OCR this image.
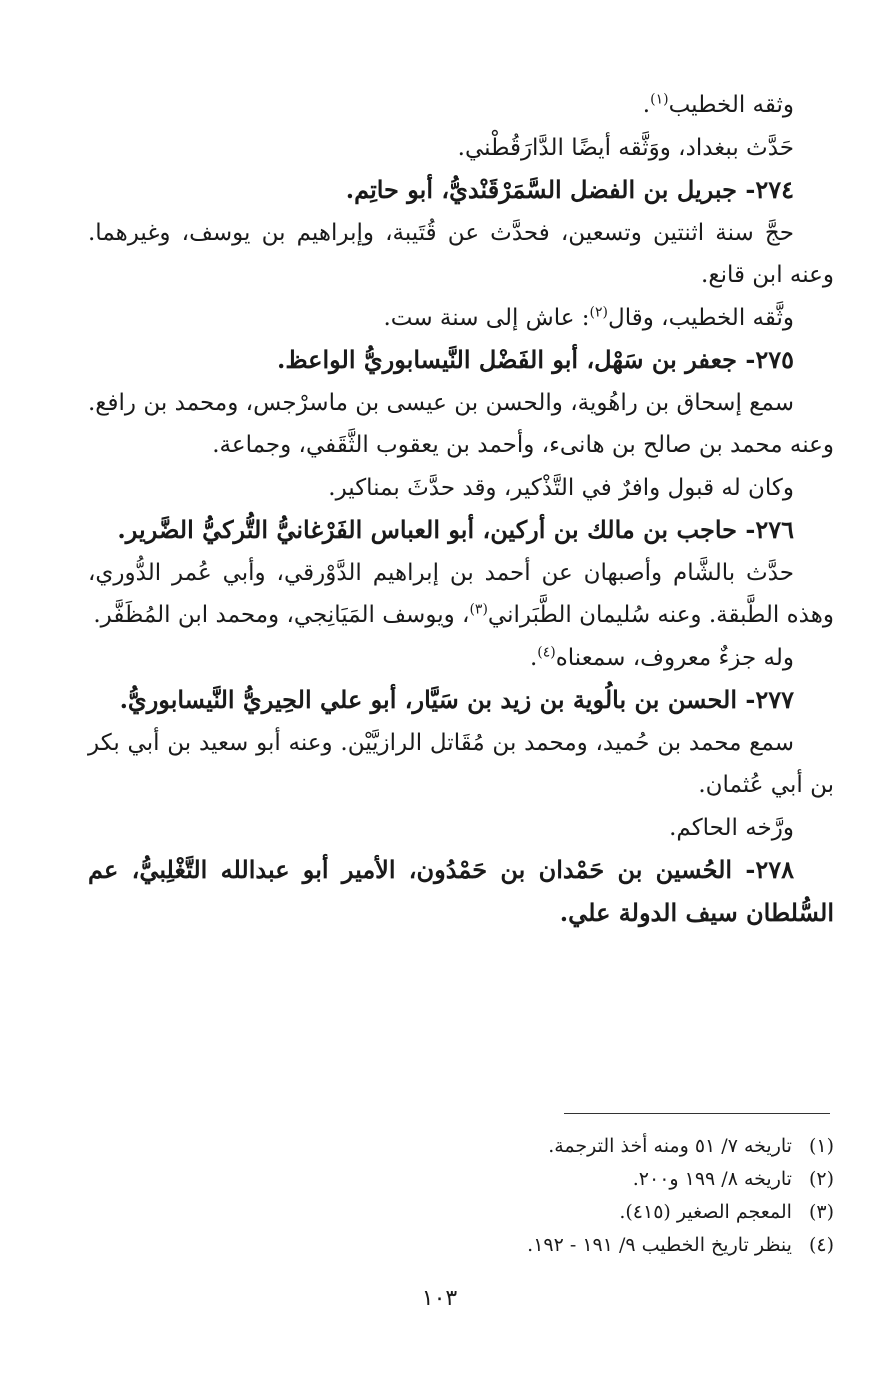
وثقه الخطيب$^{(١)}$.

حَدَّث ببغداد، ووَثَّقه أيضًا الدَّارَقُطْني.

٢٧٤- جبريل بن الفضل السَّمَرْقَنْديُّ، أبو حاتِم.

حجَّ سنة اثنتين وتسعين، فحدَّث عن قُتَيبة، وإبراهيم بن يوسف، وغيرهما. وعنه ابن قانع.

وثَّقه الخطيب، وقال$^{(٢)}$: عاش إلى سنة ست.

٢٧٥- جعفر بن سَهْل، أبو الفَضْل النَّيسابوريُّ الواعظ.

سمع إسحاق بن راهُوية، والحسن بن عيسى بن ماسرْجس، ومحمد بن رافع. وعنه محمد بن صالح بن هانىء، وأحمد بن يعقوب الثَّقَفي، وجماعة.

وكان له قبول وافرٌ في التَّذْكير، وقد حدَّثَ بمناكير.

٢٧٦- حاجب بن مالك بن أركين، أبو العباس الفَرْغانيُّ التُّركيُّ الضَّرير.

حدَّث بالشَّام وأصبهان عن أحمد بن إبراهيم الدَّوْرقي، وأبي عُمر الدُّوري، وهذه الطَّبقة. وعنه سُليمان الطَّبَراني$^{(٣)}$، ويوسف المَيَانِجي، ومحمد ابن المُظَفَّر.

وله جزءٌ معروف، سمعناه$^{(٤)}$.

٢٧٧- الحسن بن بالُوية بن زيد بن سَيَّار، أبو علي الحِيريُّ النَّيسابوريُّ.

سمع محمد بن حُميد، ومحمد بن مُقَاتل الرازيَّيْن. وعنه أبو سعيد بن أبي بكر بن أبي عُثمان.

ورَّخه الحاكم.

٢٧٨- الحُسين بن حَمْدان بن حَمْدُون، الأمير أبو عبدالله التَّغْلِبيُّ، عم السُّلطان سيف الدولة علي.

(١) تاريخه ٧/ ٥١ ومنه أخذ الترجمة.

(٢) تاريخه ٨/ ١٩٩ و٢٠٠.

(٣) المعجم الصغير (٤١٥).

(٤) ينظر تاريخ الخطيب ٩/ ١٩١ - ١٩٢.

١٠٣
